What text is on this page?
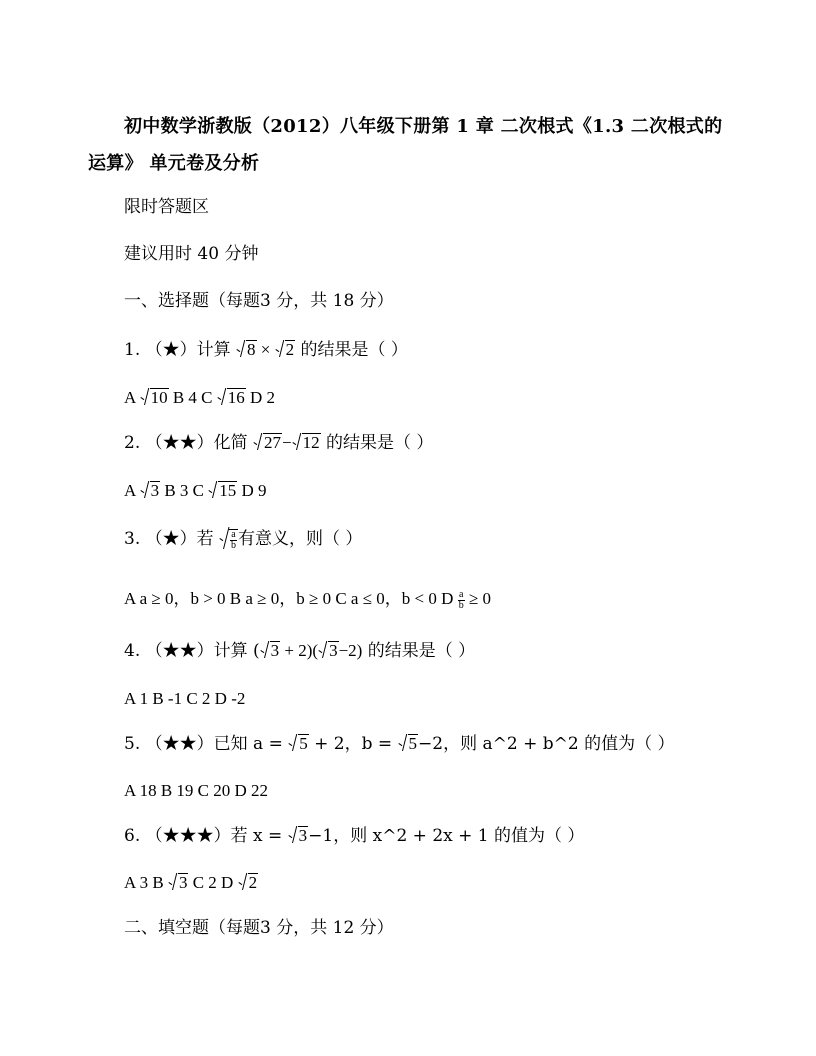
初中数学浙教版（2012）八年级下册第 1 章 二次根式《1.3 二次根式的运算》 单元卷及分析
限时答题区
建议用时 40 分钟
一、选择题（每题3 分，共 18 分）
1. （★）计算 8 × 2 的结果是（ ）
A 10 B 4 C 16 D 2
2. （★★）化简 27− 12 的结果是（ ）
A 3 B 3 C 15 D 9
3. （★）若 $\frac{a}{b}$ 有意义，则（ ）
A a ≥ 0，b > 0 B a ≥ 0，b ≥ 0 C a ≤ 0，b < 0 D $\frac{a}{b} \ge 0$
4. （★★）计算 ( 3 + 2)( 3−2) 的结果是（ ）
A 1 B -1 C 2 D -2
5. （★★）已知 a = 5 + 2，b = 5−2，则 a^2 + b^2 的值为（ ）
A 18 B 19 C 20 D 22
6. （★★★）若 x = 3−1，则 x^2 + 2x + 1 的值为（ ）
A 3 B 3 C 2 D 2
二、填空题（每题3 分，共 12 分）
